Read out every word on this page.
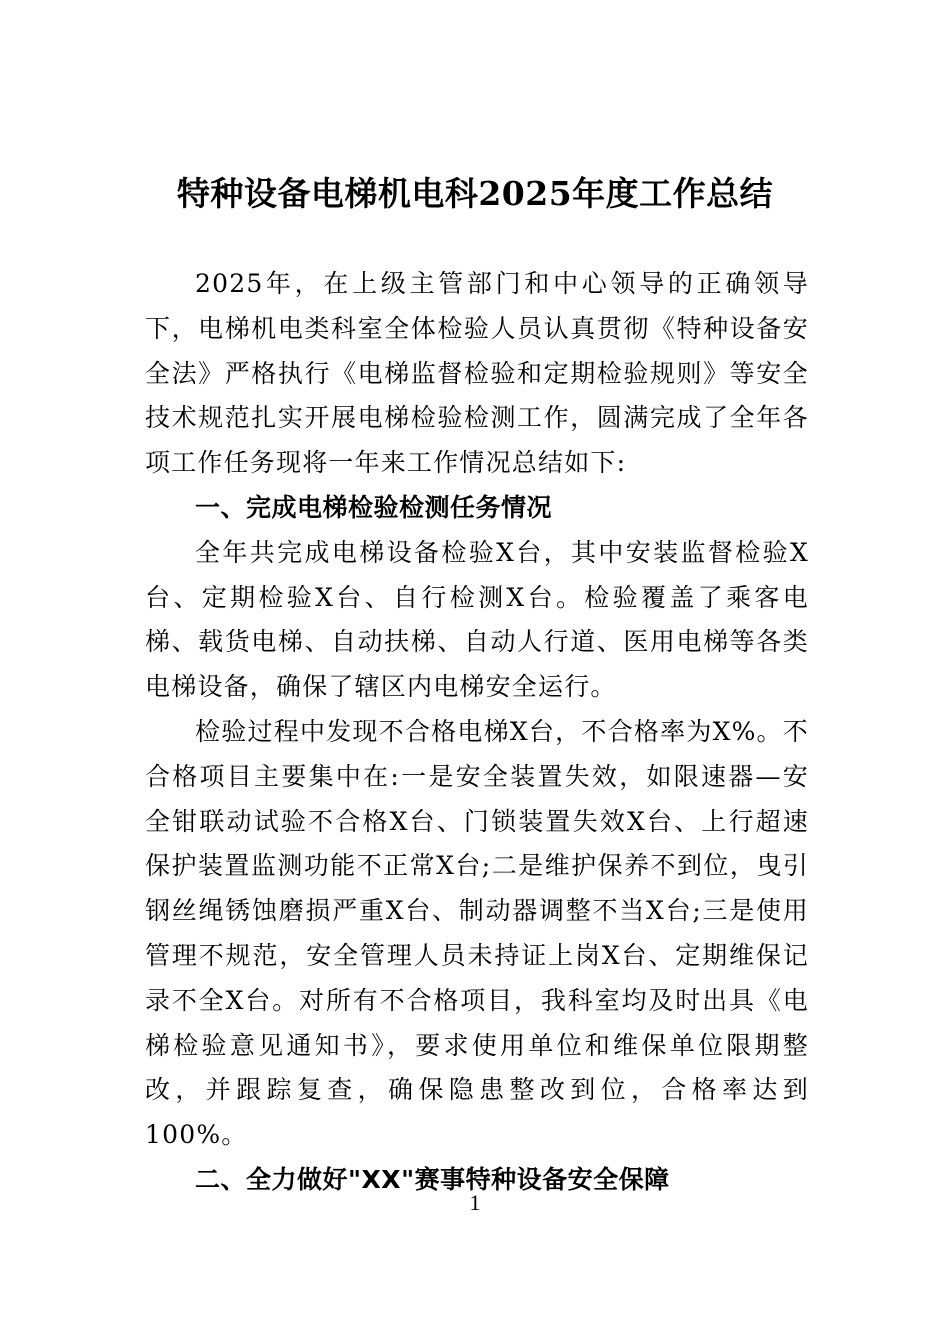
特种设备电梯机电科2025年度工作总结

2025年，在上级主管部门和中心领导的正确领导下，电梯机电类科室全体检验人员认真贯彻《特种设备安全法》严格执行《电梯监督检验和定期检验规则》等安全技术规范扎实开展电梯检验检测工作，圆满完成了全年各项工作任务现将一年来工作情况总结如下:

一、完成电梯检验检测任务情况

全年共完成电梯设备检验X台，其中安装监督检验X台、定期检验X台、自行检测X台。检验覆盖了乘客电梯、载货电梯、自动扶梯、自动人行道、医用电梯等各类电梯设备，确保了辖区内电梯安全运行。

检验过程中发现不合格电梯X台，不合格率为X%。不合格项目主要集中在:一是安全装置失效，如限速器—安全钳联动试验不合格X台、门锁装置失效X台、上行超速保护装置监测功能不正常X台;二是维护保养不到位，曳引钢丝绳锈蚀磨损严重X台、制动器调整不当X台;三是使用管理不规范，安全管理人员未持证上岗X台、定期维保记录不全X台。对所有不合格项目，我科室均及时出具《电梯检验意见通知书》，要求使用单位和维保单位限期整改，并跟踪复查，确保隐患整改到位，合格率达到100%。

二、全力做好"XX"赛事特种设备安全保障
1
